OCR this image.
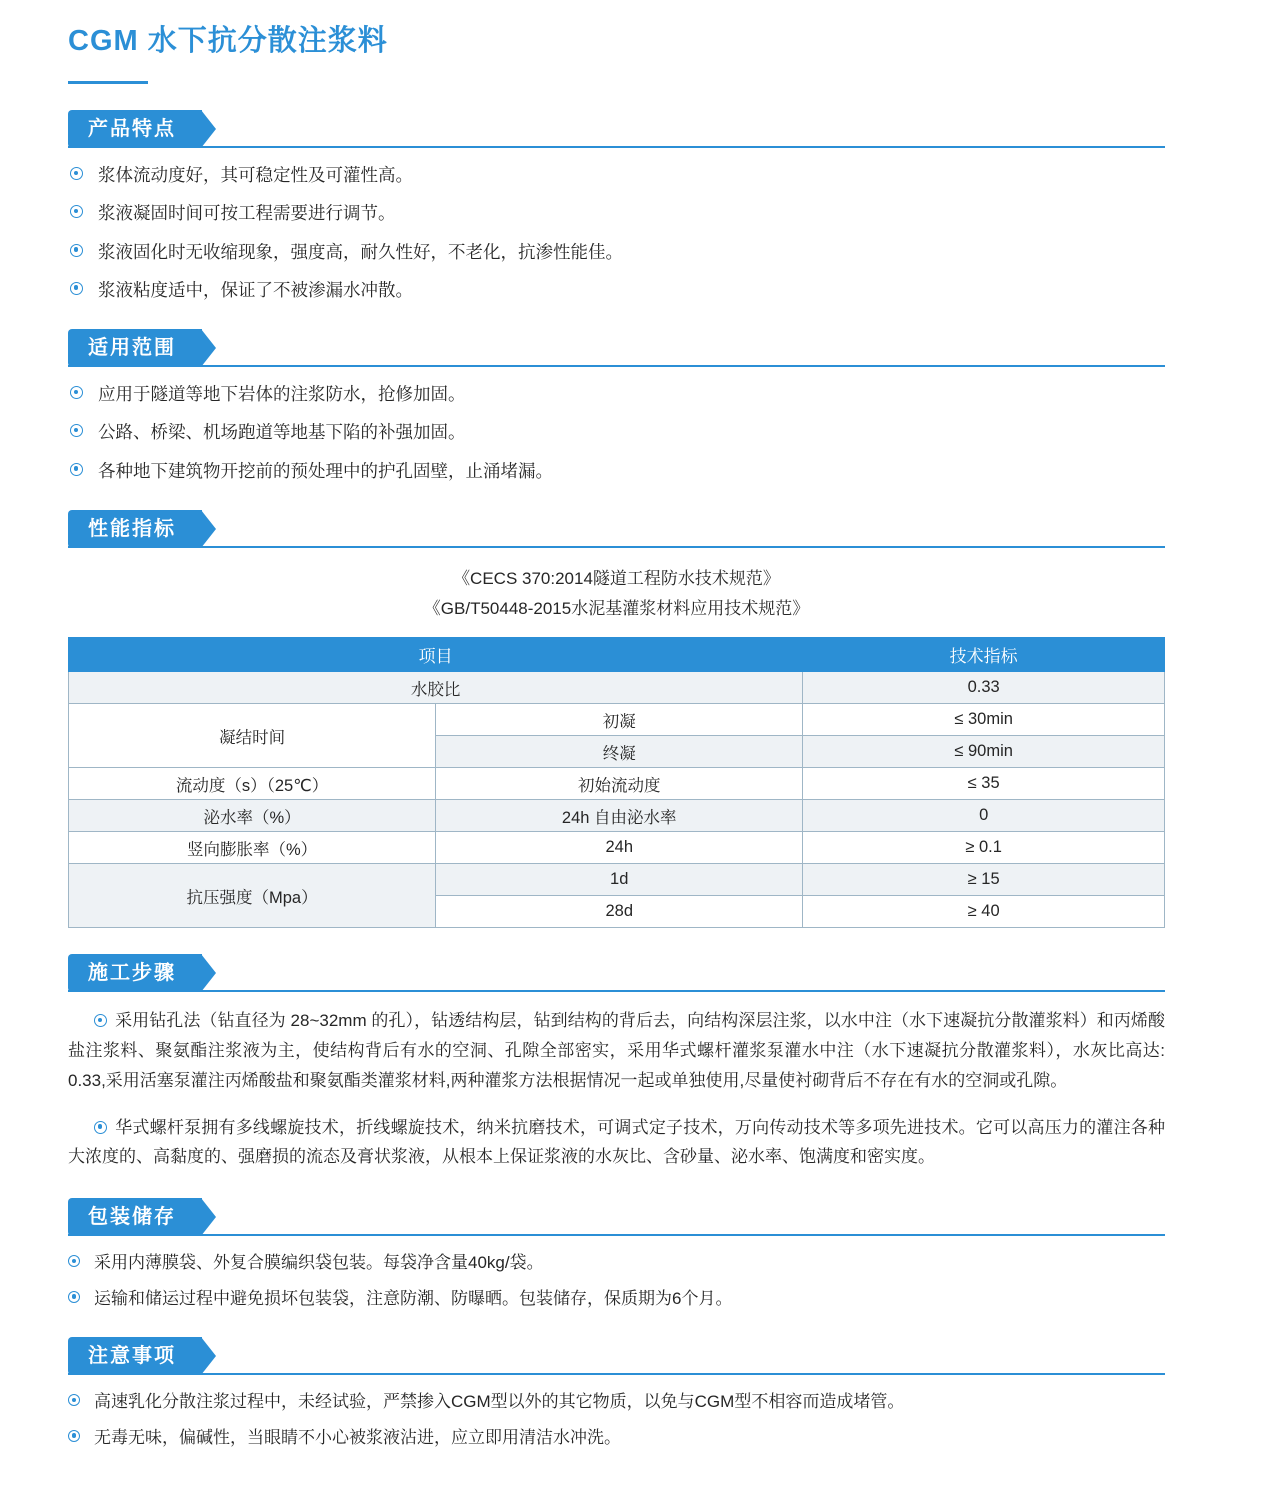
CGM 水下抗分散注浆料
产品特点
浆体流动度好，其可稳定性及可灌性高。
浆液凝固时间可按工程需要进行调节。
浆液固化时无收缩现象，强度高，耐久性好，不老化，抗渗性能佳。
浆液粘度适中，保证了不被渗漏水冲散。
适用范围
应用于隧道等地下岩体的注浆防水，抢修加固。
公路、桥梁、机场跑道等地基下陷的补强加固。
各种地下建筑物开挖前的预处理中的护孔固壁，止涌堵漏。
性能指标
《CECS 370:2014隧道工程防水技术规范》
《GB/T50448-2015水泥基灌浆材料应用技术规范》
项目		技术指标
水胶比		0.33
凝结时间	初凝	≤ 30min
	终凝	≤ 90min
流动度（s）（25℃）	初始流动度	≤ 35
泌水率（%）	24h 自由泌水率	0
竖向膨胀率（%）	24h	≥ 0.1
抗压强度（Mpa）	1d	≥ 15
	28d	≥ 40
施工步骤

采用钻孔法（钻直径为 28~32mm 的孔），钻透结构层，钻到结构的背后去，向结构深层注浆，以水中注（水下速凝抗分散灌浆料）和丙烯酸盐注浆料、聚氨酯注浆液为主，使结构背后有水的空洞、孔隙全部密实，采用华式螺杆灌浆泵灌水中注（水下速凝抗分散灌浆料），水灰比高达: 0.33,采用活塞泵灌注丙烯酸盐和聚氨酯类灌浆材料,两种灌浆方法根据情况一起或单独使用,尽量使衬砌背后不存在有水的空洞或孔隙。

华式螺杆泵拥有多线螺旋技术，折线螺旋技术，纳米抗磨技术，可调式定子技术，万向传动技术等多项先进技术。它可以高压力的灌注各种大浓度的、高黏度的、强磨损的流态及膏状浆液，从根本上保证浆液的水灰比、含砂量、泌水率、饱满度和密实度。

包装储存
采用内薄膜袋、外复合膜编织袋包装。每袋净含量40kg/袋。
运输和储运过程中避免损坏包装袋，注意防潮、防曝晒。包装储存，保质期为6个月。
注意事项
高速乳化分散注浆过程中，未经试验，严禁掺入CGM型以外的其它物质，以免与CGM型不相容而造成堵管。
无毒无味，偏碱性，当眼睛不小心被浆液沾进，应立即用清洁水冲洗。
